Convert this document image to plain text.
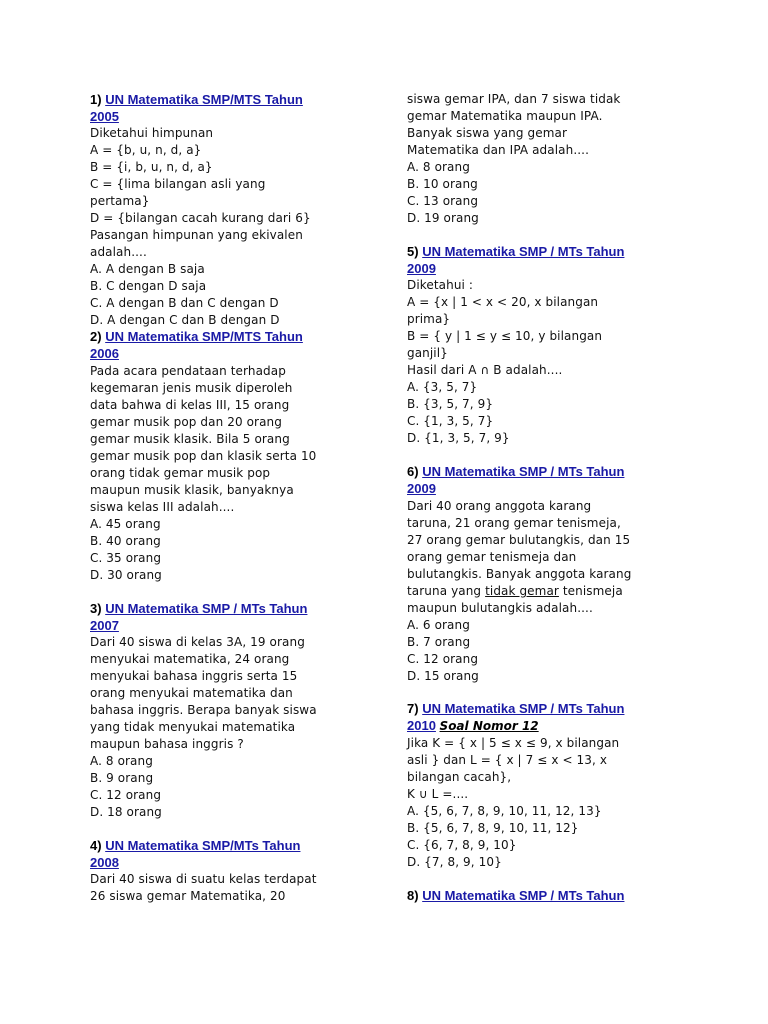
1) UN Matematika SMP/MTS Tahun
2005
Diketahui himpunan
A = {b, u, n, d, a}
B = {i, b, u, n, d, a}
C = {lima bilangan asli yang
pertama}
D = {bilangan cacah kurang dari 6}
Pasangan himpunan yang ekivalen
adalah....
A. A dengan B saja
B. C dengan D saja
C. A dengan B dan C dengan D
D. A dengan C dan B dengan D
2) UN Matematika SMP/MTS Tahun
2006
Pada acara pendataan terhadap
kegemaran jenis musik diperoleh
data bahwa di kelas III, 15 orang
gemar musik pop dan 20 orang
gemar musik klasik. Bila 5 orang
gemar musik pop dan klasik serta 10
orang tidak gemar musik pop
maupun musik klasik, banyaknya
siswa kelas III adalah....
A. 45 orang
B. 40 orang
C. 35 orang
D. 30 orang
3) UN Matematika SMP / MTs Tahun
2007
Dari 40 siswa di kelas 3A, 19 orang
menyukai matematika, 24 orang
menyukai bahasa inggris serta 15
orang menyukai matematika dan
bahasa inggris. Berapa banyak siswa
yang tidak menyukai matematika
maupun bahasa inggris ?
A. 8 orang
B. 9 orang
C. 12 orang
D. 18 orang
4) UN Matematika SMP/MTs Tahun
2008
Dari 40 siswa di suatu kelas terdapat
26 siswa gemar Matematika, 20
siswa gemar IPA, dan 7 siswa tidak
gemar Matematika maupun IPA.
Banyak siswa yang gemar
Matematika dan IPA adalah....
A. 8 orang
B. 10 orang
C. 13 orang
D. 19 orang
5) UN Matematika SMP / MTs Tahun
2009
Diketahui :
A = {x | 1 < x < 20, x bilangan
prima}
B = { y | 1 ≤ y ≤ 10, y bilangan
ganjil}
Hasil dari A ∩ B adalah....
A. {3, 5, 7}
B. {3, 5, 7, 9}
C. {1, 3, 5, 7}
D. {1, 3, 5, 7, 9}
6) UN Matematika SMP / MTs Tahun
2009
Dari 40 orang anggota karang
taruna, 21 orang gemar tenismeja,
27 orang gemar bulutangkis, dan 15
orang gemar tenismeja dan
bulutangkis. Banyak anggota karang
taruna yang tidak gemar tenismeja
maupun bulutangkis adalah....
A. 6 orang
B. 7 orang
C. 12 orang
D. 15 orang
7) UN Matematika SMP / MTs Tahun
2010 Soal Nomor 12
Jika K = { x | 5 ≤ x ≤ 9, x bilangan
asli } dan L = { x | 7 ≤ x < 13, x
bilangan cacah},
K ∪ L =....
A. {5, 6, 7, 8, 9, 10, 11, 12, 13}
B. {5, 6, 7, 8, 9, 10, 11, 12}
C. {6, 7, 8, 9, 10}
D. {7, 8, 9, 10}
8) UN Matematika SMP / MTs Tahun
